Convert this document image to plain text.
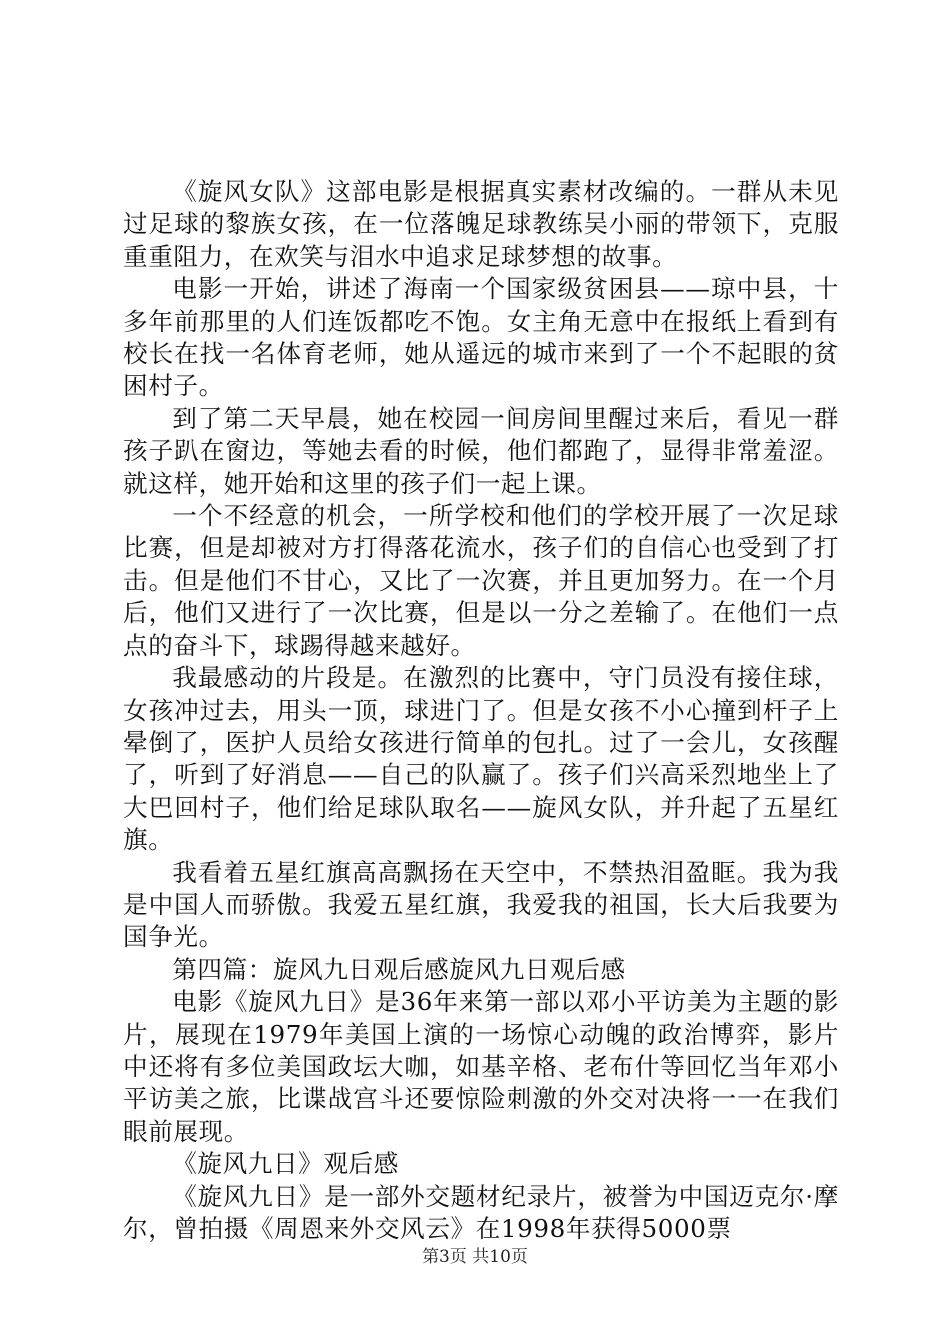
《旋风女队》这部电影是根据真实素材改编的。一群从未见过足球的黎族女孩，在一位落魄足球教练吴小丽的带领下，克服重重阻力，在欢笑与泪水中追求足球梦想的故事。

电影一开始，讲述了海南一个国家级贫困县——琼中县，十多年前那里的人们连饭都吃不饱。女主角无意中在报纸上看到有校长在找一名体育老师，她从遥远的城市来到了一个不起眼的贫困村子。

到了第二天早晨，她在校园一间房间里醒过来后，看见一群孩子趴在窗边，等她去看的时候，他们都跑了，显得非常羞涩。就这样，她开始和这里的孩子们一起上课。

一个不经意的机会，一所学校和他们的学校开展了一次足球比赛，但是却被对方打得落花流水，孩子们的自信心也受到了打击。但是他们不甘心，又比了一次赛，并且更加努力。在一个月后，他们又进行了一次比赛，但是以一分之差输了。在他们一点点的奋斗下，球踢得越来越好。

我最感动的片段是。在激烈的比赛中，守门员没有接住球，女孩冲过去，用头一顶，球进门了。但是女孩不小心撞到杆子上晕倒了，医护人员给女孩进行简单的包扎。过了一会儿，女孩醒了，听到了好消息——自己的队赢了。孩子们兴高采烈地坐上了大巴回村子，他们给足球队取名——旋风女队，并升起了五星红旗。

我看着五星红旗高高飘扬在天空中，不禁热泪盈眶。我为我是中国人而骄傲。我爱五星红旗，我爱我的祖国，长大后我要为国争光。

第四篇：旋风九日观后感旋风九日观后感

电影《旋风九日》是36年来第一部以邓小平访美为主题的影片，展现在1979年美国上演的一场惊心动魄的政治博弈，影片中还将有多位美国政坛大咖，如基辛格、老布什等回忆当年邓小平访美之旅，比谍战宫斗还要惊险刺激的外交对决将一一在我们眼前展现。

《旋风九日》观后感

《旋风九日》是一部外交题材纪录片，被誉为中国迈克尔·摩尔，曾拍摄《周恩来外交风云》在1998年获得5000票

第3页 共10页
